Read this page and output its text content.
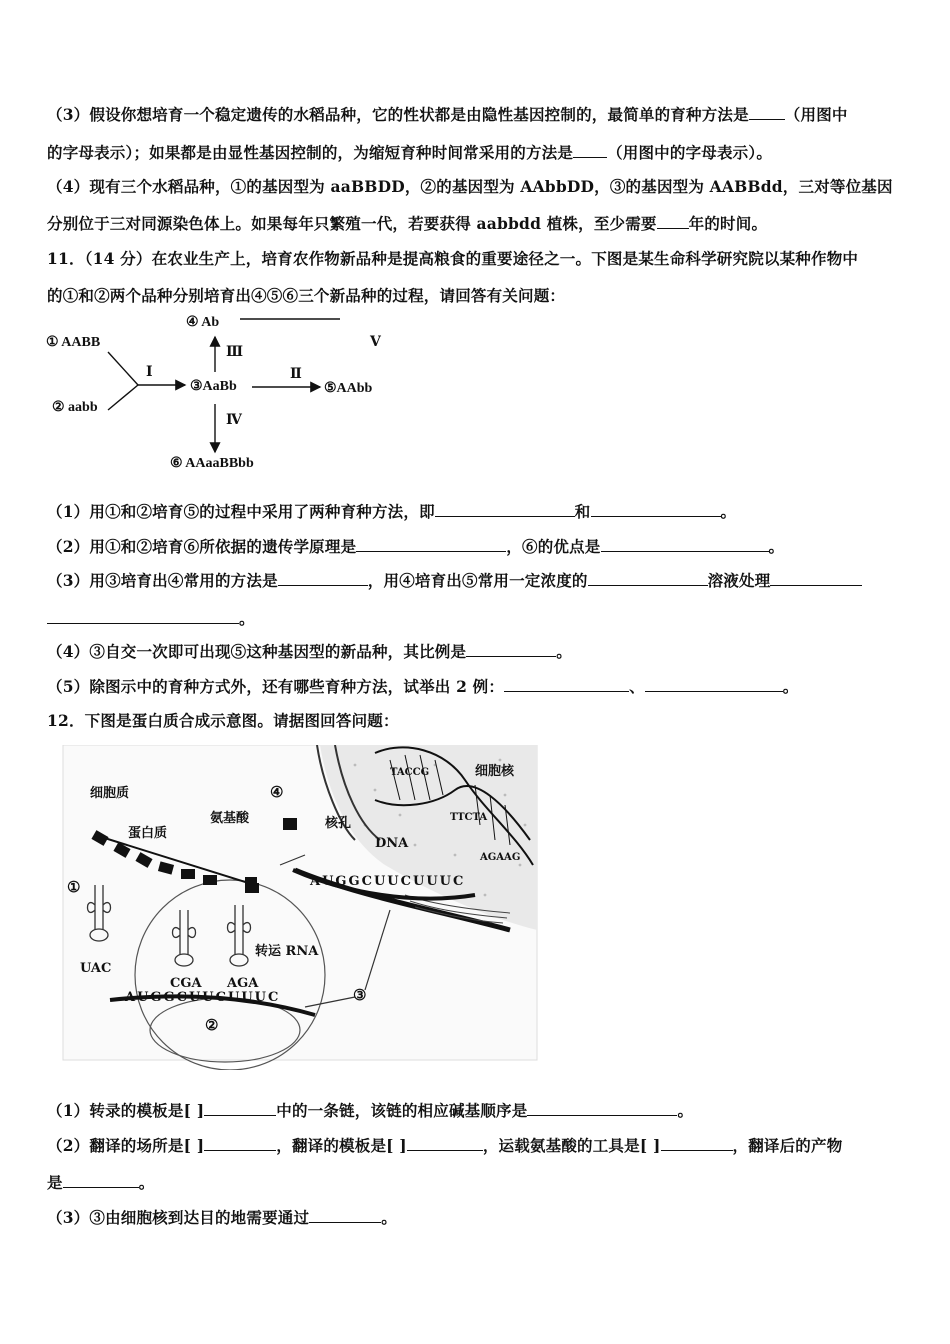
（3）假设你想培育一个稳定遗传的水稻品种，它的性状都是由隐性基因控制的，最简单的育种方法是 （用图中
的字母表示）；如果都是由显性基因控制的，为缩短育种时间常采用的方法是 （用图中的字母表示）。
（4）现有三个水稻品种，①的基因型为 aaBBDD，②的基因型为 AAbbDD，③的基因型为 AABBdd，三对等位基因
分别位于三对同源染色体上。如果每年只繁殖一代，若要获得 aabbdd 植株，至少需要 年的时间。
11．（14 分）在农业生产上，培育农作物新品种是提高粮食的重要途径之一。下图是某生命科学研究院以某种作物中
的①和②两个品种分别培育出④⑤⑥三个新品种的过程，请回答有关问题：
① AABB
② aabb
③AaBb
④ Ab
⑤AAbb
⑥ AAaaBBbb
Ⅰ	Ⅱ
Ⅲ
Ⅳ
Ⅴ
（1）用①和②培育⑤的过程中采用了两种育种方法，即	和	。
（2）用①和②培育⑥所依据的遗传学原理是	，⑥的优点是	。
（3）用③培育出④常用的方法是	，用④培育出⑤常用一定浓度的	溶液处理
。
（4）③自交一次即可出现⑤这种基因型的新品种，其比例是	。
（5）除图示中的育种方式外，还有哪些育种方法，试举出 2 例：	、	。
12．下图是蛋白质合成示意图。请据图回答问题：
细胞质
细胞核
蛋白质
氨基酸	核孔
DNA
转运 RNA
UAC
CGA AGA
AUGGCUUCUUUC
AUGGCUUCUUUC
TACCG
TTCTA
AGAAG
①
②
③
④
（1）转录的模板是[ ]	中的一条链，该链的相应碱基顺序是	。
（2）翻译的场所是[ ]	，翻译的模板是[ ]	，运载氨基酸的工具是[ ]	，翻译后的产物
是	。
（3）③由细胞核到达目的地需要通过	。
